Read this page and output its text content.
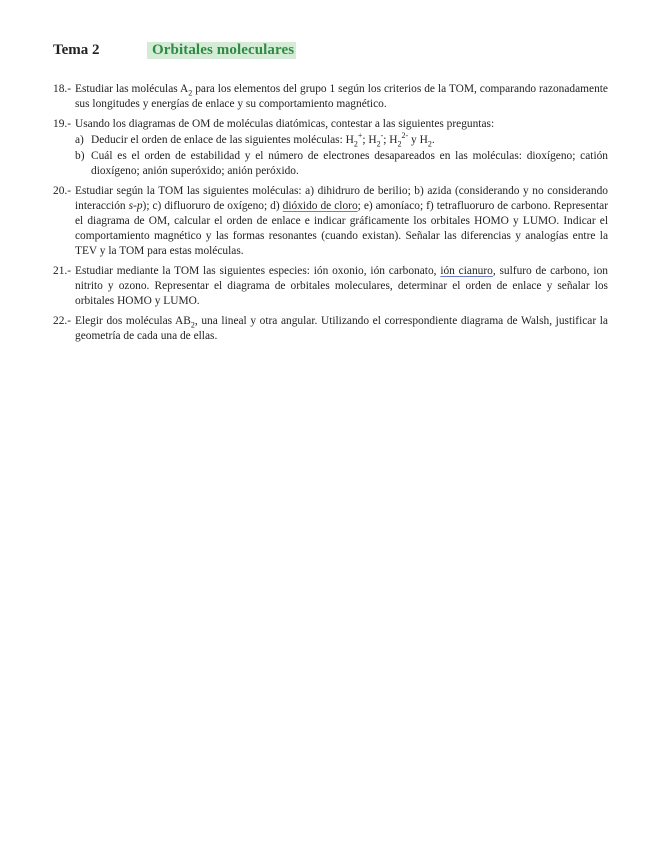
Tema 2	Orbitales moleculares
18.- Estudiar las moléculas $A_2$ para los elementos del grupo 1 según los criterios de la TOM, comparando razonadamente sus longitudes y energías de enlace y su comportamiento magnético.
19.- Usando los diagramas de OM de moléculas diatómicas, contestar a las siguientes preguntas:
a) Deducir el orden de enlace de las siguientes moléculas: $H_2^+$; $H_2^-$; $H_2^{2-}$ y $H_2$.
b) Cuál es el orden de estabilidad y el número de electrones desapareados en las moléculas: dioxígeno; catión dioxígeno; anión superóxido; anión peróxido.
20.- Estudiar según la TOM las siguientes moléculas: a) dihidruro de berilio; b) azida (considerando y no considerando interacción s-p); c) difluoruro de oxígeno; d) dióxido de cloro; e) amoníaco; f) tetrafluoruro de carbono. Representar el diagrama de OM, calcular el orden de enlace e indicar gráficamente los orbitales HOMO y LUMO. Indicar el comportamiento magnético y las formas resonantes (cuando existan). Señalar las diferencias y analogías entre la TEV y la TOM para estas moléculas.
21.- Estudiar mediante la TOM las siguientes especies: ión oxonio, ión carbonato, ión cianuro, sulfuro de carbono, ion nitrito y ozono. Representar el diagrama de orbitales moleculares, determinar el orden de enlace y señalar los orbitales HOMO y LUMO.
22.- Elegir dos moléculas $AB_2$, una lineal y otra angular. Utilizando el correspondiente diagrama de Walsh, justificar la geometría de cada una de ellas.
